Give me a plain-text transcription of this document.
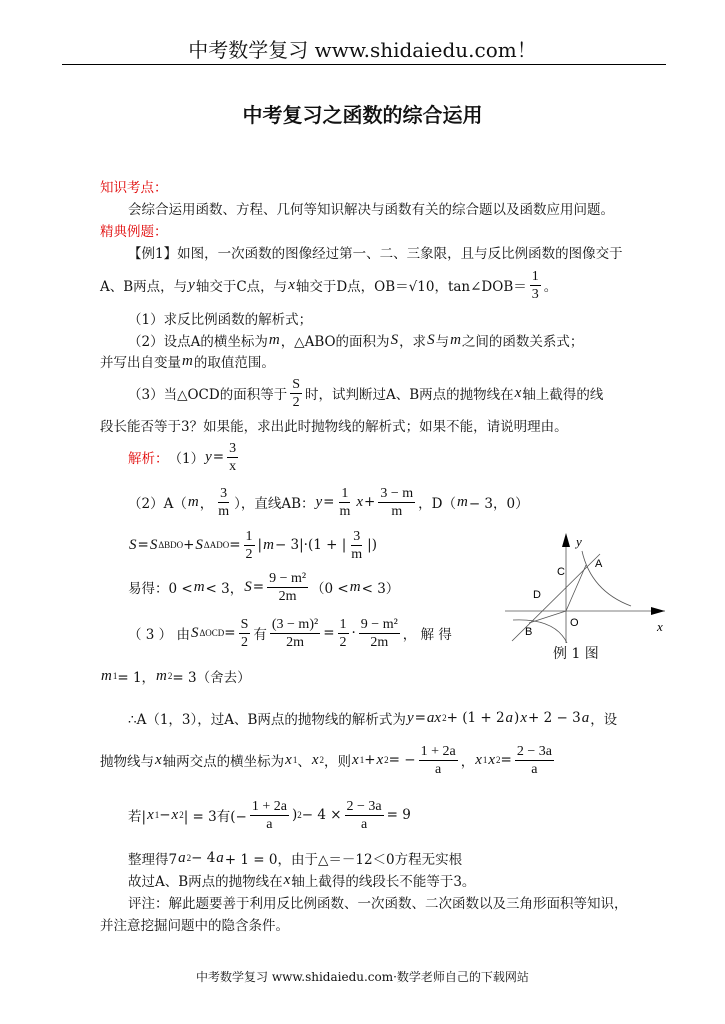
中考数学复习 www.shidaiedu.com！
中考复习之函数的综合运用
知识考点：
会综合运用函数、方程、几何等知识解决与函数有关的综合题以及函数应用问题。
精典例题：
【例1】如图，一次函数的图像经过第一、二、三象限，且与反比例函数的图像交于
A、B两点，与 y 轴交于C点，与 x 轴交于D点，OB＝√10，tan∠DOB＝ $\frac{1}{3}$ 。
（1）求反比例函数的解析式；
（2）设点A的横坐标为 m ，△ABO的面积为 S ，求 S 与 m 之间的函数关系式；
并写出自变量 m 的取值范围。
（3）当△OCD的面积等于 $\frac{S}{2}$ 时，试判断过A、B两点的抛物线在 x 轴上截得的线
段长能否等于3？如果能，求出此时抛物线的解析式；如果不能，请说明理由。
解析： （1） $y = \frac{3}{x}$
（2）A（ m ， $\frac{3}{m}$ ），直线AB： $y = \frac{1}{m}$ $x + \frac{3 - m}{m}$ ，D（ m − 3，0）
S = S ΔBDO + S $\Delta ADO = \frac{1}{2}$ | m − 3|·(1 + | $\frac{3}{m}$ |)
易得：0 < m < 3， $S = \frac{\text{9 − m²}}{2m} (0 < m < 3)$
（ 3 ） 由 S $\Delta OCD = \frac{S}{2}$ 有 $\frac{\text{(3 − m)²}}{2m} = \frac{1}{2} \cdot \frac{\text{9 − m²}}{2m}$ ， 解 得
m 1 = 1， m 2 = 3（舍去）
∴A（1，3），过A、B两点的抛物线的解析式为 y = ax 2 + (1 + 2 a ) x + 2 − 3 a ，设
抛物线与 x 轴两交点的横坐标为 x 1 、 x 2 ，则 x 1 + x 2 = − $\frac{1 + 2a}{a}$ ， x 1 x $2 = \frac{2 - 3a}{a}$
若| x 1 − x 2 | = 3有(− $\frac{1 + 2a}{a}$ ) $2 - 4 \times \frac{2 - 3a}{a} = 9$
整理得7 a 2 − 4 a + 1 = 0，由于△＝－12＜0方程无实根
故过A、B两点的抛物线在 x 轴上截得的线段长不能等于3。
评注：解此题要善于利用反比例函数、一次函数、二次函数以及三角形面积等知识，
并注意挖掘问题中的隐含条件。
y
A
C
D
O
B	x
例 1 图
中考数学复习 www.shidaiedu.com·数学老师自己的下载网站
